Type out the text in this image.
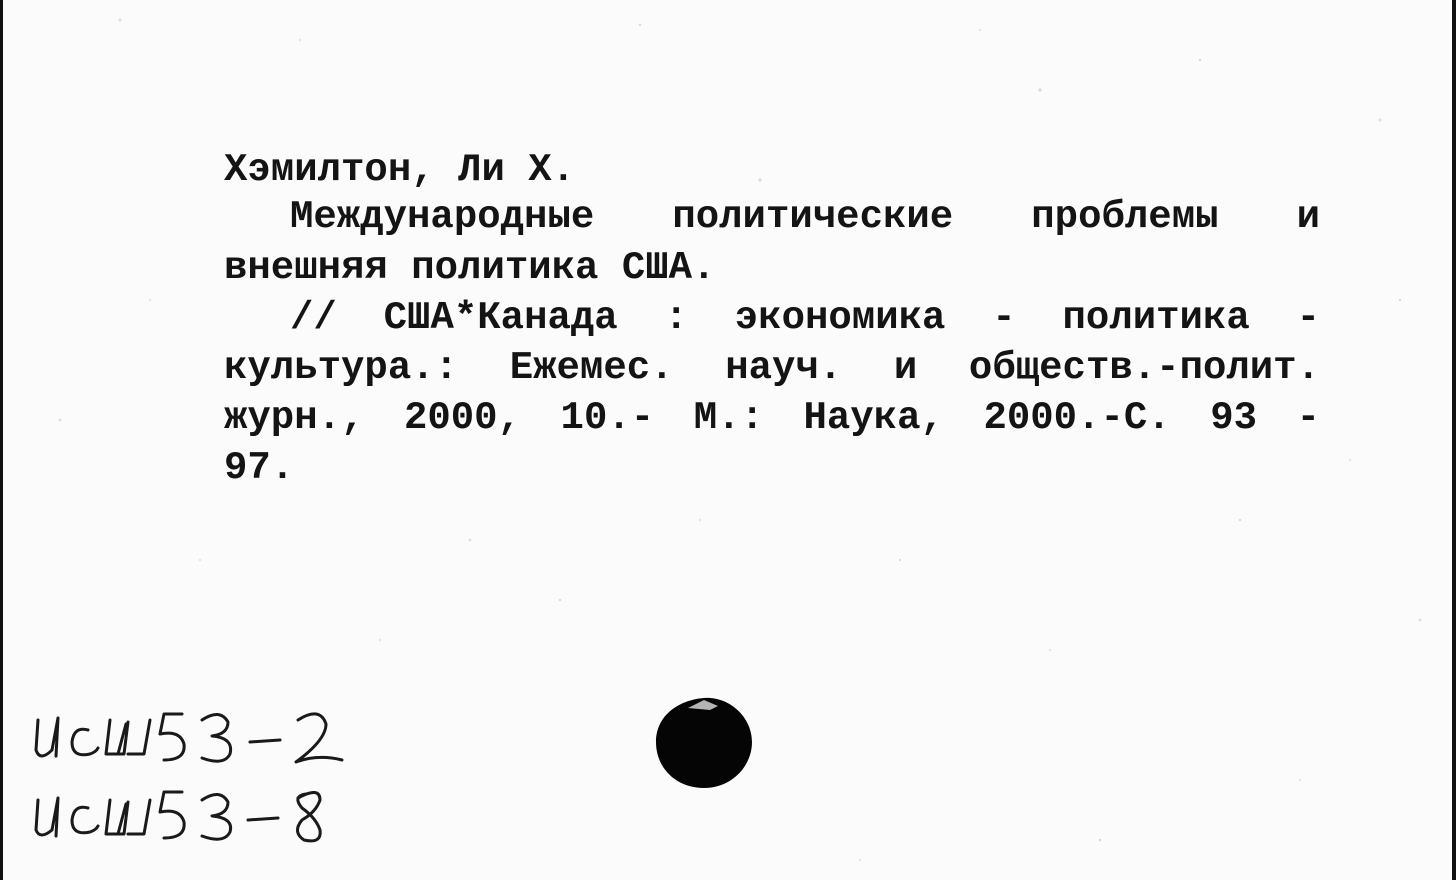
Хэмилтон, Ли Х.
Международные политические проблемы и
внешняя политика США.
// США*Канада : экономика - политика -
культура.: Ежемес. науч. и обществ.-полит.
журн., 2000, 10.- М.: Наука, 2000.-С. 93 -
97.
